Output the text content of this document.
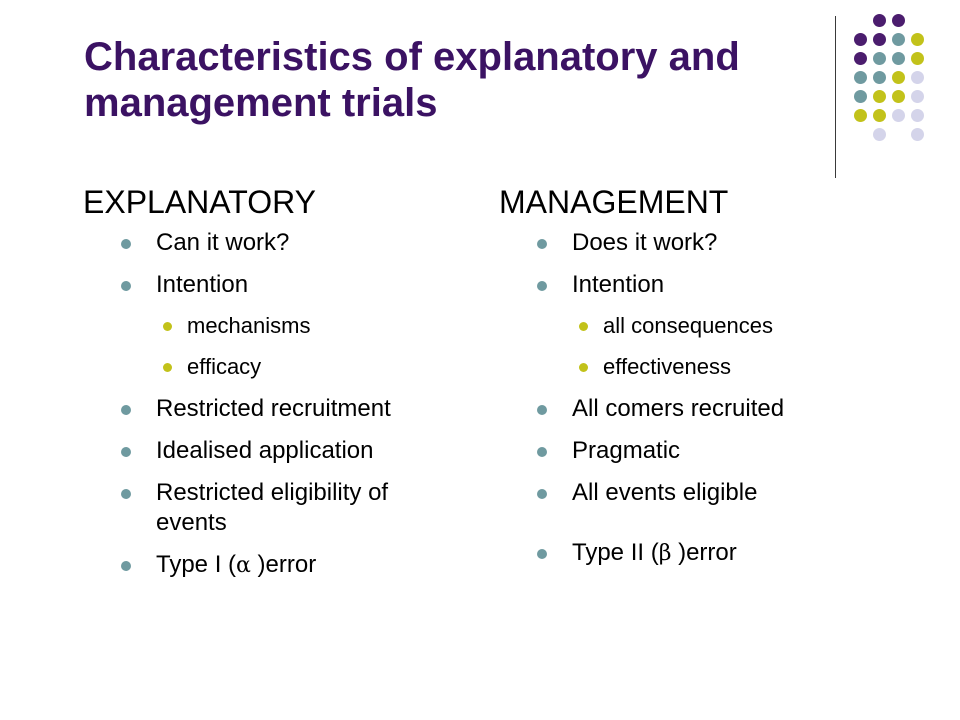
Characteristics of explanatory and management trials
EXPLANATORY
Can it work?
Intention
mechanisms
efficacy
Restricted recruitment
Idealised application
Restricted eligibility of events
Type I (α )error
MANAGEMENT
Does it work?
Intention
all consequences
effectiveness
All comers recruited
Pragmatic
All events eligible
Type II (β )error
